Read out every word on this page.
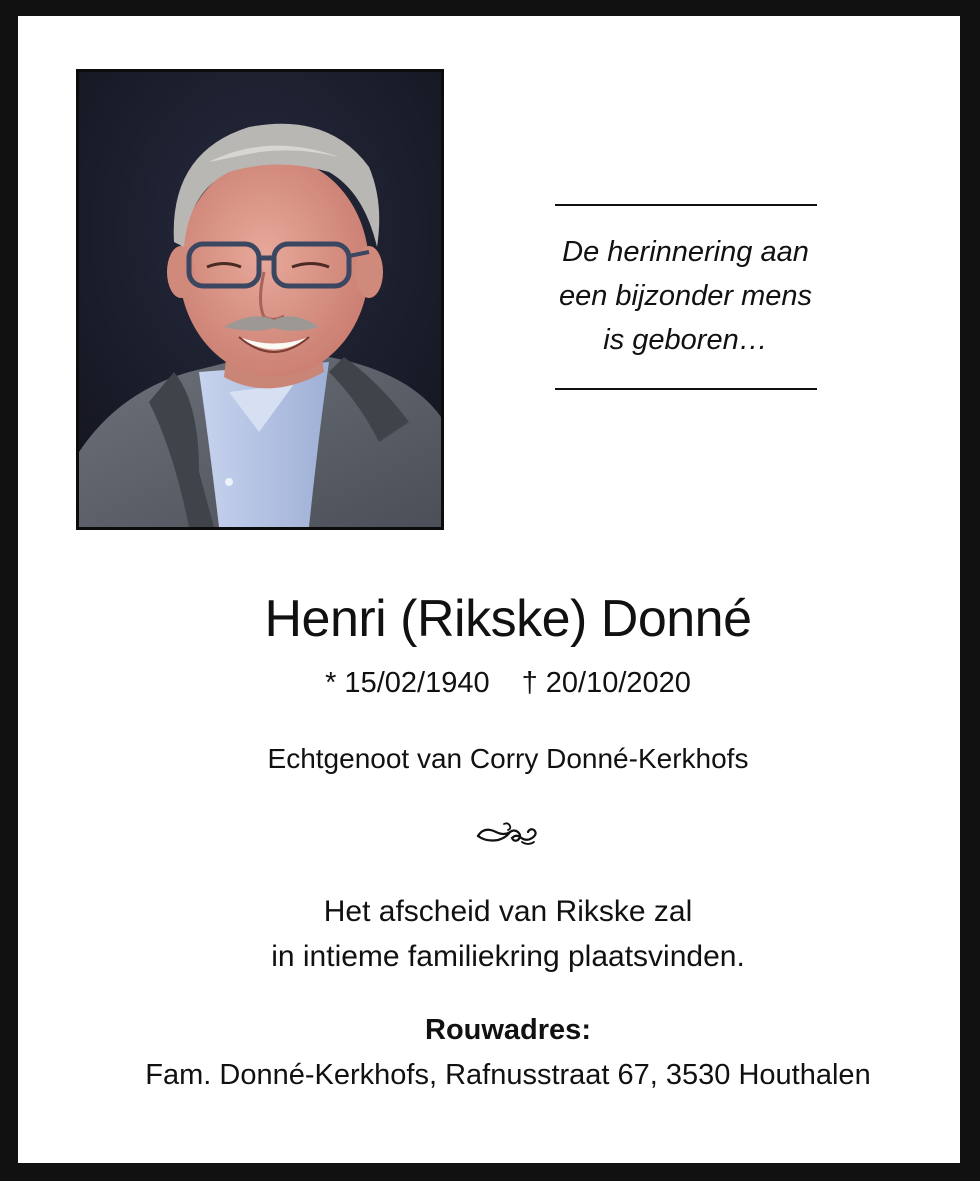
De herinnering aan
een bijzonder mens
is geboren…
Henri (Rikske) Donné
* 15/02/1940 † 20/10/2020
Echtgenoot van Corry Donné-Kerkhofs
Het afscheid van Rikske zal
in intieme familiekring plaatsvinden.
Rouwadres:
Fam. Donné-Kerkhofs, Rafnusstraat 67, 3530 Houthalen
